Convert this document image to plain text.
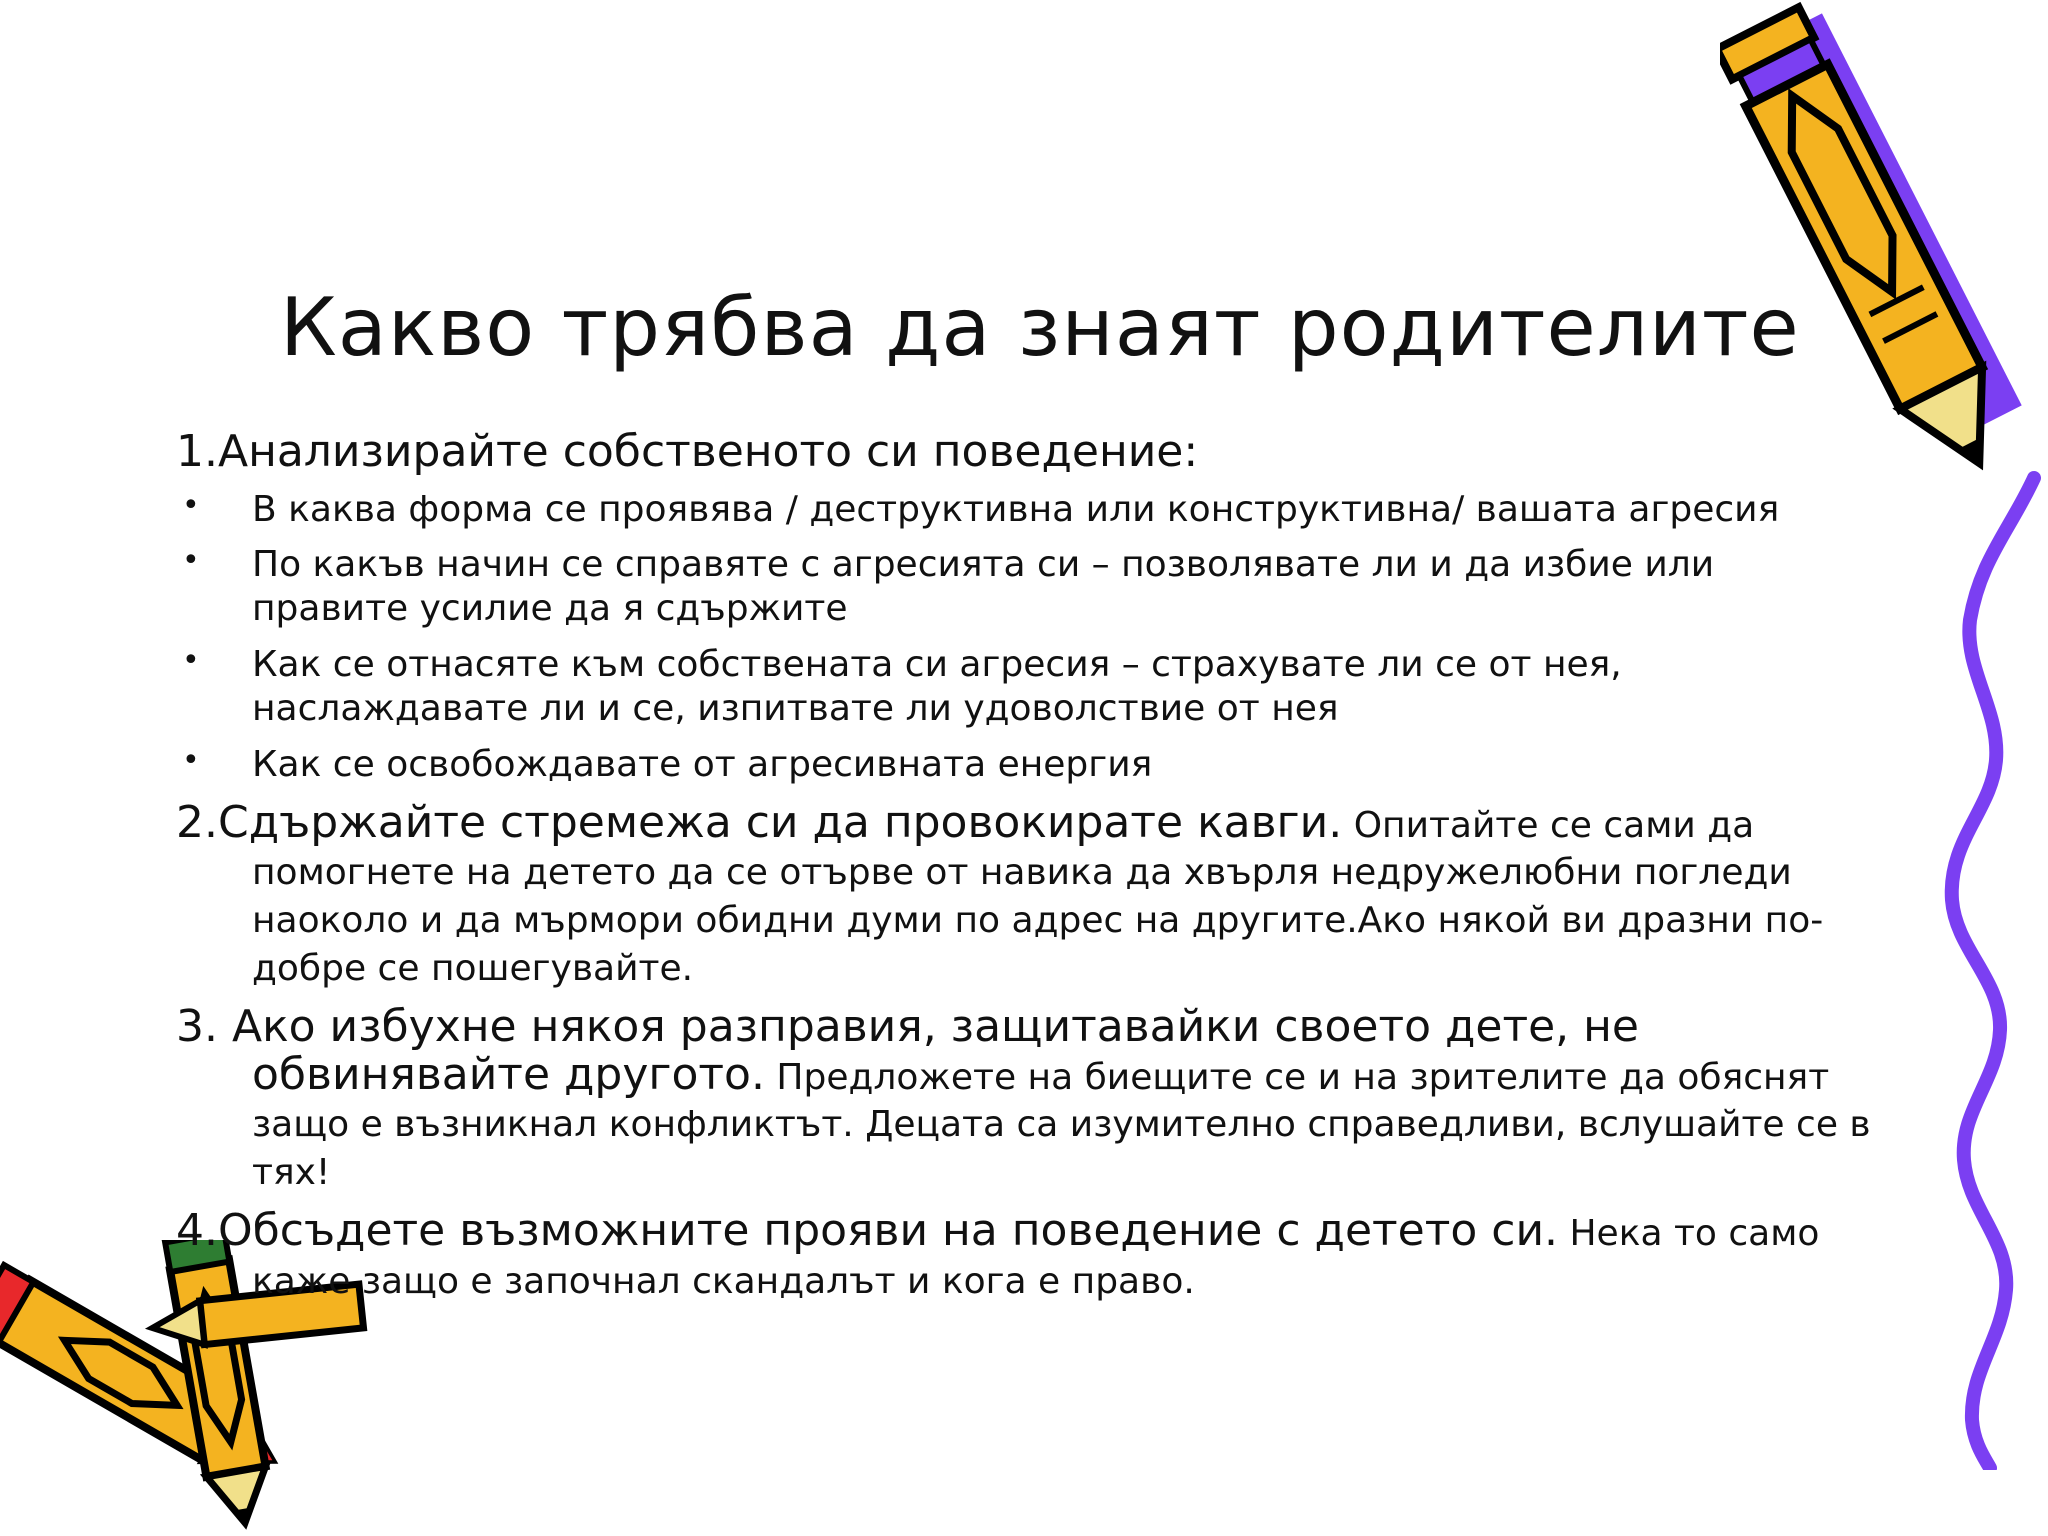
Какво трябва да знаят родителите

1.Анализирайте собственото си поведение:

• В каква форма се проявява / деструктивна или конструктивна/ вашата агресия
• По какъв начин се справяте с агресията си – позволявате ли и да избие или правите усилие да я сдържите
• Как се отнасяте към собствената си агресия – страхувате ли се от нея, наслаждавате ли и се, изпитвате ли удоволствие от нея
• Как се освобождавате от агресивната енергия

2.Сдържайте стремежа си да провокирате кавги. Опитайте се сами да помогнете на детето да се отърве от навика да хвърля недружелюбни погледи наоколо и да мърмори обидни думи по адрес на другите.Ако някой ви дразни по-добре се пошегувайте.

3. Ако избухне някоя разправия, защитавайки своето дете, не обвинявайте другото. Предложете на биещите се и на зрителите да обяснят защо е възникнал конфликтът. Децата са изумително справедливи, вслушайте се в тях!

4.Обсъдете възможните прояви на поведение с детето си. Нека то само каже защо е започнал скандалът и кога е право.
